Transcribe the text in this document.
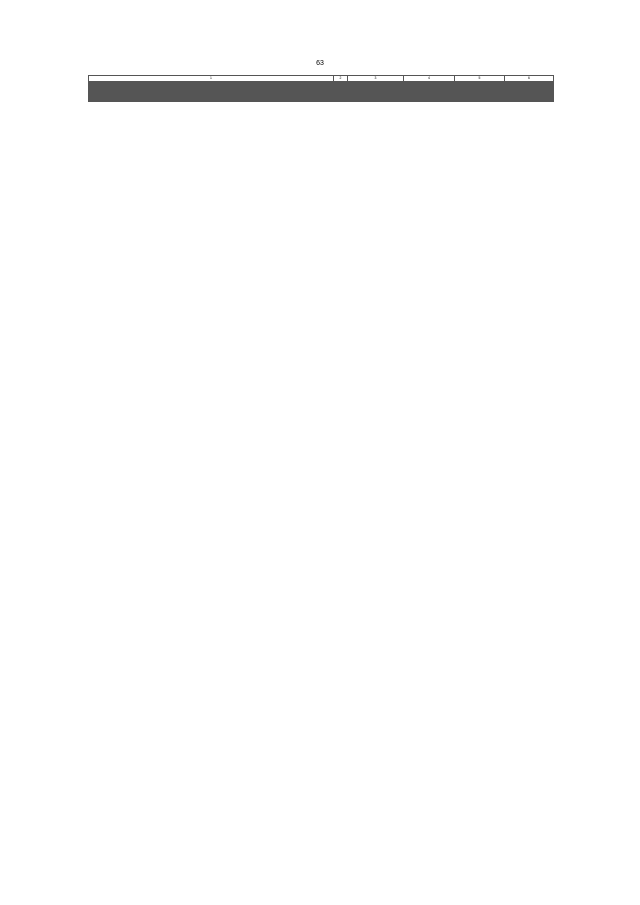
63
1	2	3	4	5	6
